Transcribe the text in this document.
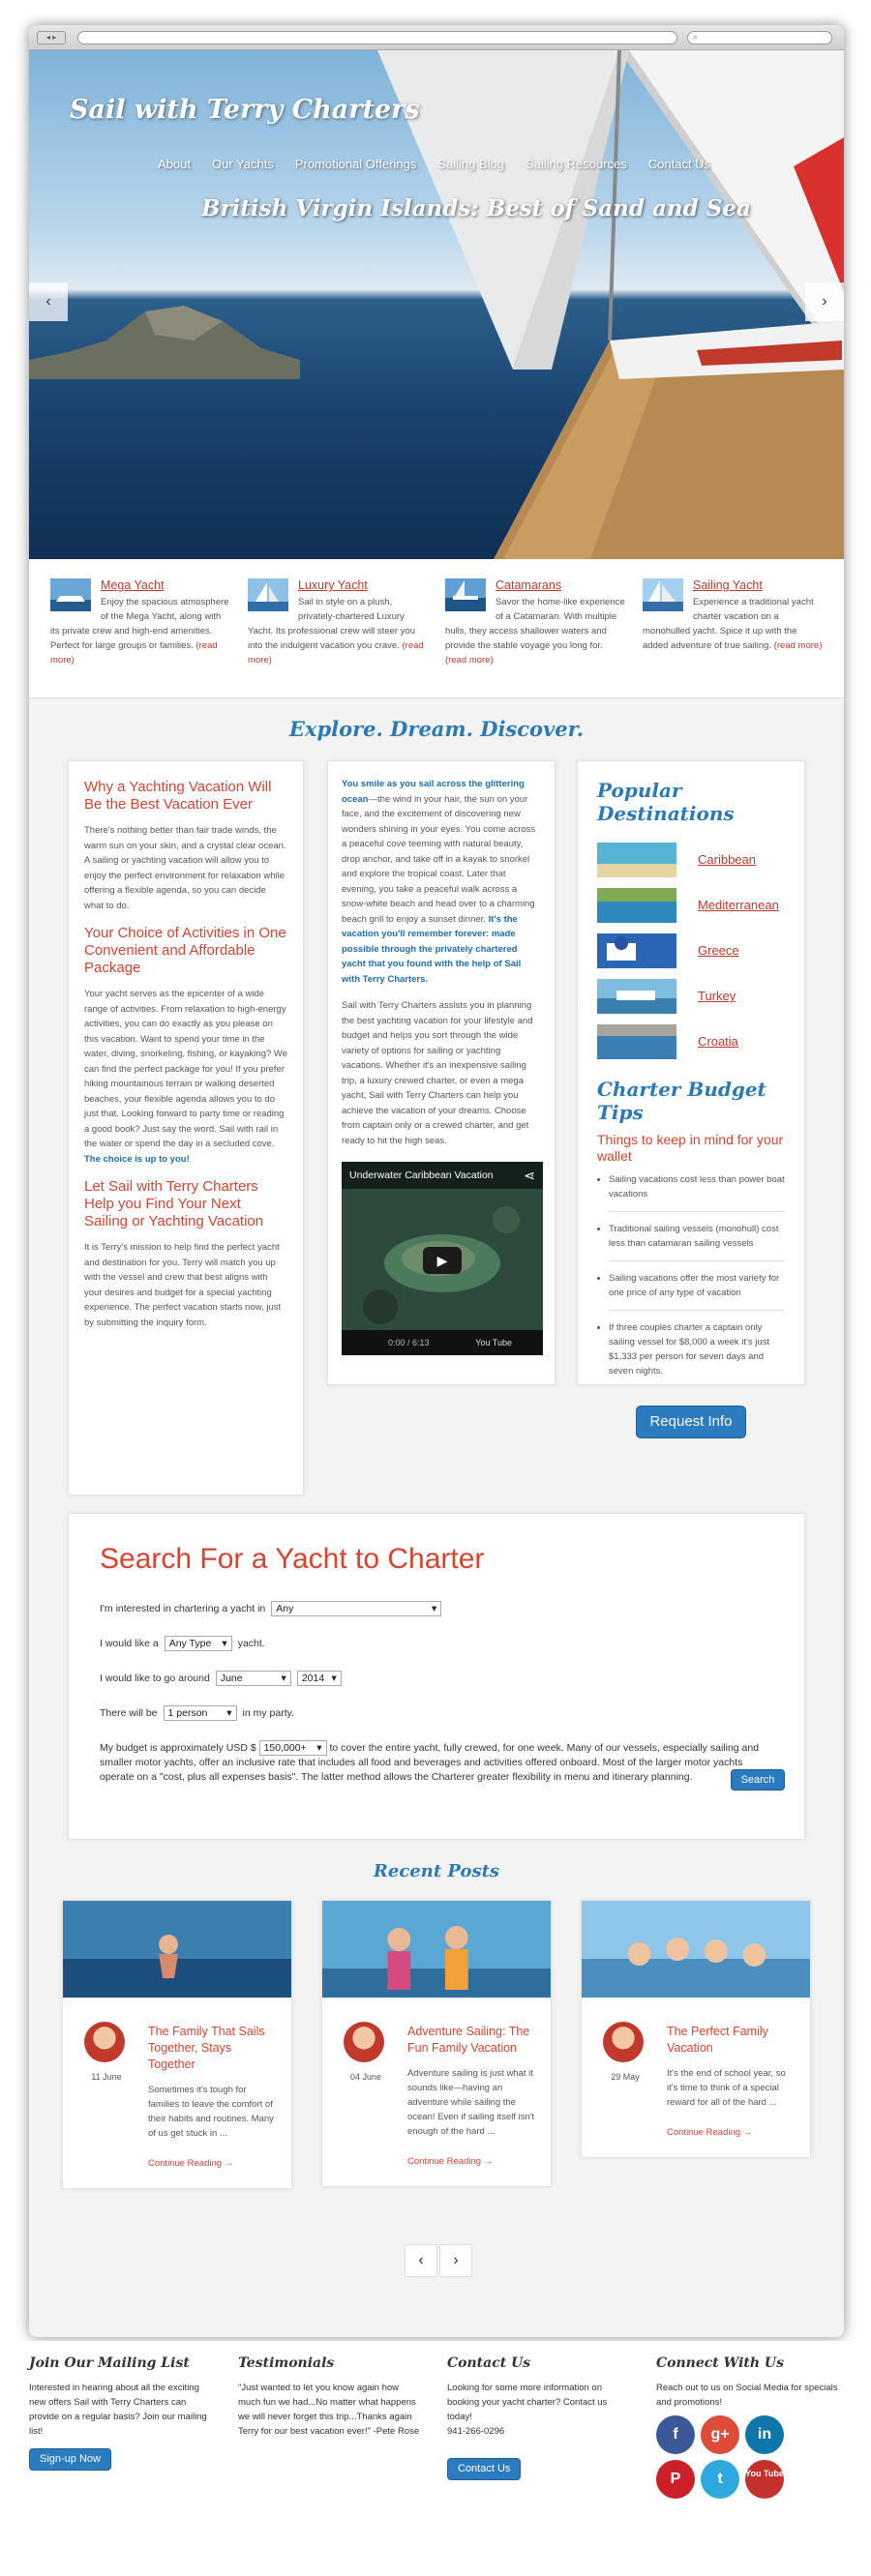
◂ ▸	⌕
Sail with Terry Charters
About	Our Yachts	Promotional Offerings	Sailing Blog	Sailing Resources	Contact Us
British Virgin Islands: Best of Sand and Sea
‹	›
Mega Yacht
Enjoy the spacious atmosphere of the Mega Yacht, along with its private crew and high-end amenities. Perfect for large groups or families. (read more)
Luxury Yacht
Sail in style on a plush, privately-chartered Luxury Yacht. Its professional crew will steer you into the indulgent vacation you crave. (read more)
Catamarans
Savor the home-like experience of a Catamaran. With multiple hulls, they access shallower waters and provide the stable voyage you long for. (read more)
Sailing Yacht
Experience a traditional yacht charter vacation on a monohulled yacht. Spice it up with the added adventure of true sailing. (read more)
Explore. Dream. Discover.
Why a Yachting Vacation Will Be the Best Vacation Ever

There's nothing better than fair trade winds, the warm sun on your skin, and a crystal clear ocean. A sailing or yachting vacation will allow you to enjoy the perfect environment for relaxation while offering a flexible agenda, so you can decide what to do.

Your Choice of Activities in One Convenient and Affordable Package

Your yacht serves as the epicenter of a wide range of activities. From relaxation to high-energy activities, you can do exactly as you please on this vacation. Want to spend your time in the water, diving, snorkeling, fishing, or kayaking? We can find the perfect package for you! If you prefer hiking mountainous terrain or walking deserted beaches, your flexible agenda allows you to do just that. Looking forward to party time or reading a good book? Just say the word. Sail with rail in the water or spend the day in a secluded cove. The choice is up to you!

Let Sail with Terry Charters Help you Find Your Next Sailing or Yachting Vacation

It is Terry's mission to help find the perfect yacht and destination for you. Terry will match you up with the vessel and crew that best aligns with your desires and budget for a special yachting experience. The perfect vacation starts now, just by submitting the inquiry form.

You smile as you sail across the glittering ocean—the wind in your hair, the sun on your face, and the excitement of discovering new wonders shining in your eyes. You come across a peaceful cove teeming with natural beauty, drop anchor, and take off in a kayak to snorkel and explore the tropical coast. Later that evening, you take a peaceful walk across a snow-white beach and head over to a charming beach grill to enjoy a sunset dinner. It's the vacation you'll remember forever: made possible through the privately chartered yacht that you found with the help of Sail with Terry Charters.

Sail with Terry Charters assists you in planning the best yachting vacation for your lifestyle and budget and helps you sort through the wide variety of options for sailing or yachting vacations. Whether it's an inexpensive sailing trip, a luxury crewed charter, or even a mega yacht, Sail with Terry Charters can help you achieve the vacation of your dreams. Choose from captain only or a crewed charter, and get ready to hit the high seas.

Underwater Caribbean Vacation	⋖
▶
0:00 / 6:13	You Tube
Popular Destinations
Caribbean
Mediterranean
Greece
Turkey
Croatia
Charter Budget Tips
Things to keep in mind for your wallet
• Sailing vacations cost less than power boat vacations
• Traditional sailing vessels (monohull) cost less than catamaran sailing vessels
• Sailing vacations offer the most variety for one price of any type of vacation
• If three couples charter a captain only sailing vessel for $8,000 a week it's just $1,333 per person for seven days and seven nights.
Request Info
Search For a Yacht to Charter
I'm interested in chartering a yacht in	Any ▾
I would like a	Any Type ▾	yacht.
I would like to go around	June ▾	2014 ▾
There will be	1 person ▾	in my party.
My budget is approximately USD $ 150,000+ ▾ to cover the entire yacht, fully crewed, for one week. Many of our vessels, especially sailing and smaller motor yachts, offer an inclusive rate that includes all food and beverages and activities offered onboard. Most of the larger motor yachts operate on a "cost, plus all expenses basis". The latter method allows the Charterer greater flexibility in menu and itinerary planning.	Search
Recent Posts
11 June
The Family That Sails Together, Stays Together
Sometimes it's tough for families to leave the comfort of their habits and routines. Many of us get stuck in ...
Continue Reading →
04 June
Adventure Sailing: The Fun Family Vacation
Adventure sailing is just what it sounds like—having an adventure while sailing the ocean! Even if sailing itself isn't enough of the hard ...
Continue Reading →
29 May
The Perfect Family Vacation
It's the end of school year, so it's time to think of a special reward for all of the hard ...
Continue Reading →
‹	›
Join Our Mailing List
Interested in hearing about all the exciting new offers Sail with Terry Charters can provide on a regular basis? Join our mailing list!
Sign-up Now
Testimonials
"Just wanted to let you know again how much fun we had...No matter what happens we will never forget this trip...Thanks again Terry for our best vacation ever!" -Pete Rose
Contact Us
Looking for some more information on booking your yacht charter? Contact us today!
941-266-0296
Contact Us
Connect With Us
Reach out to us on Social Media for specials and promotions!
f	g+	in
P	t	You Tube
